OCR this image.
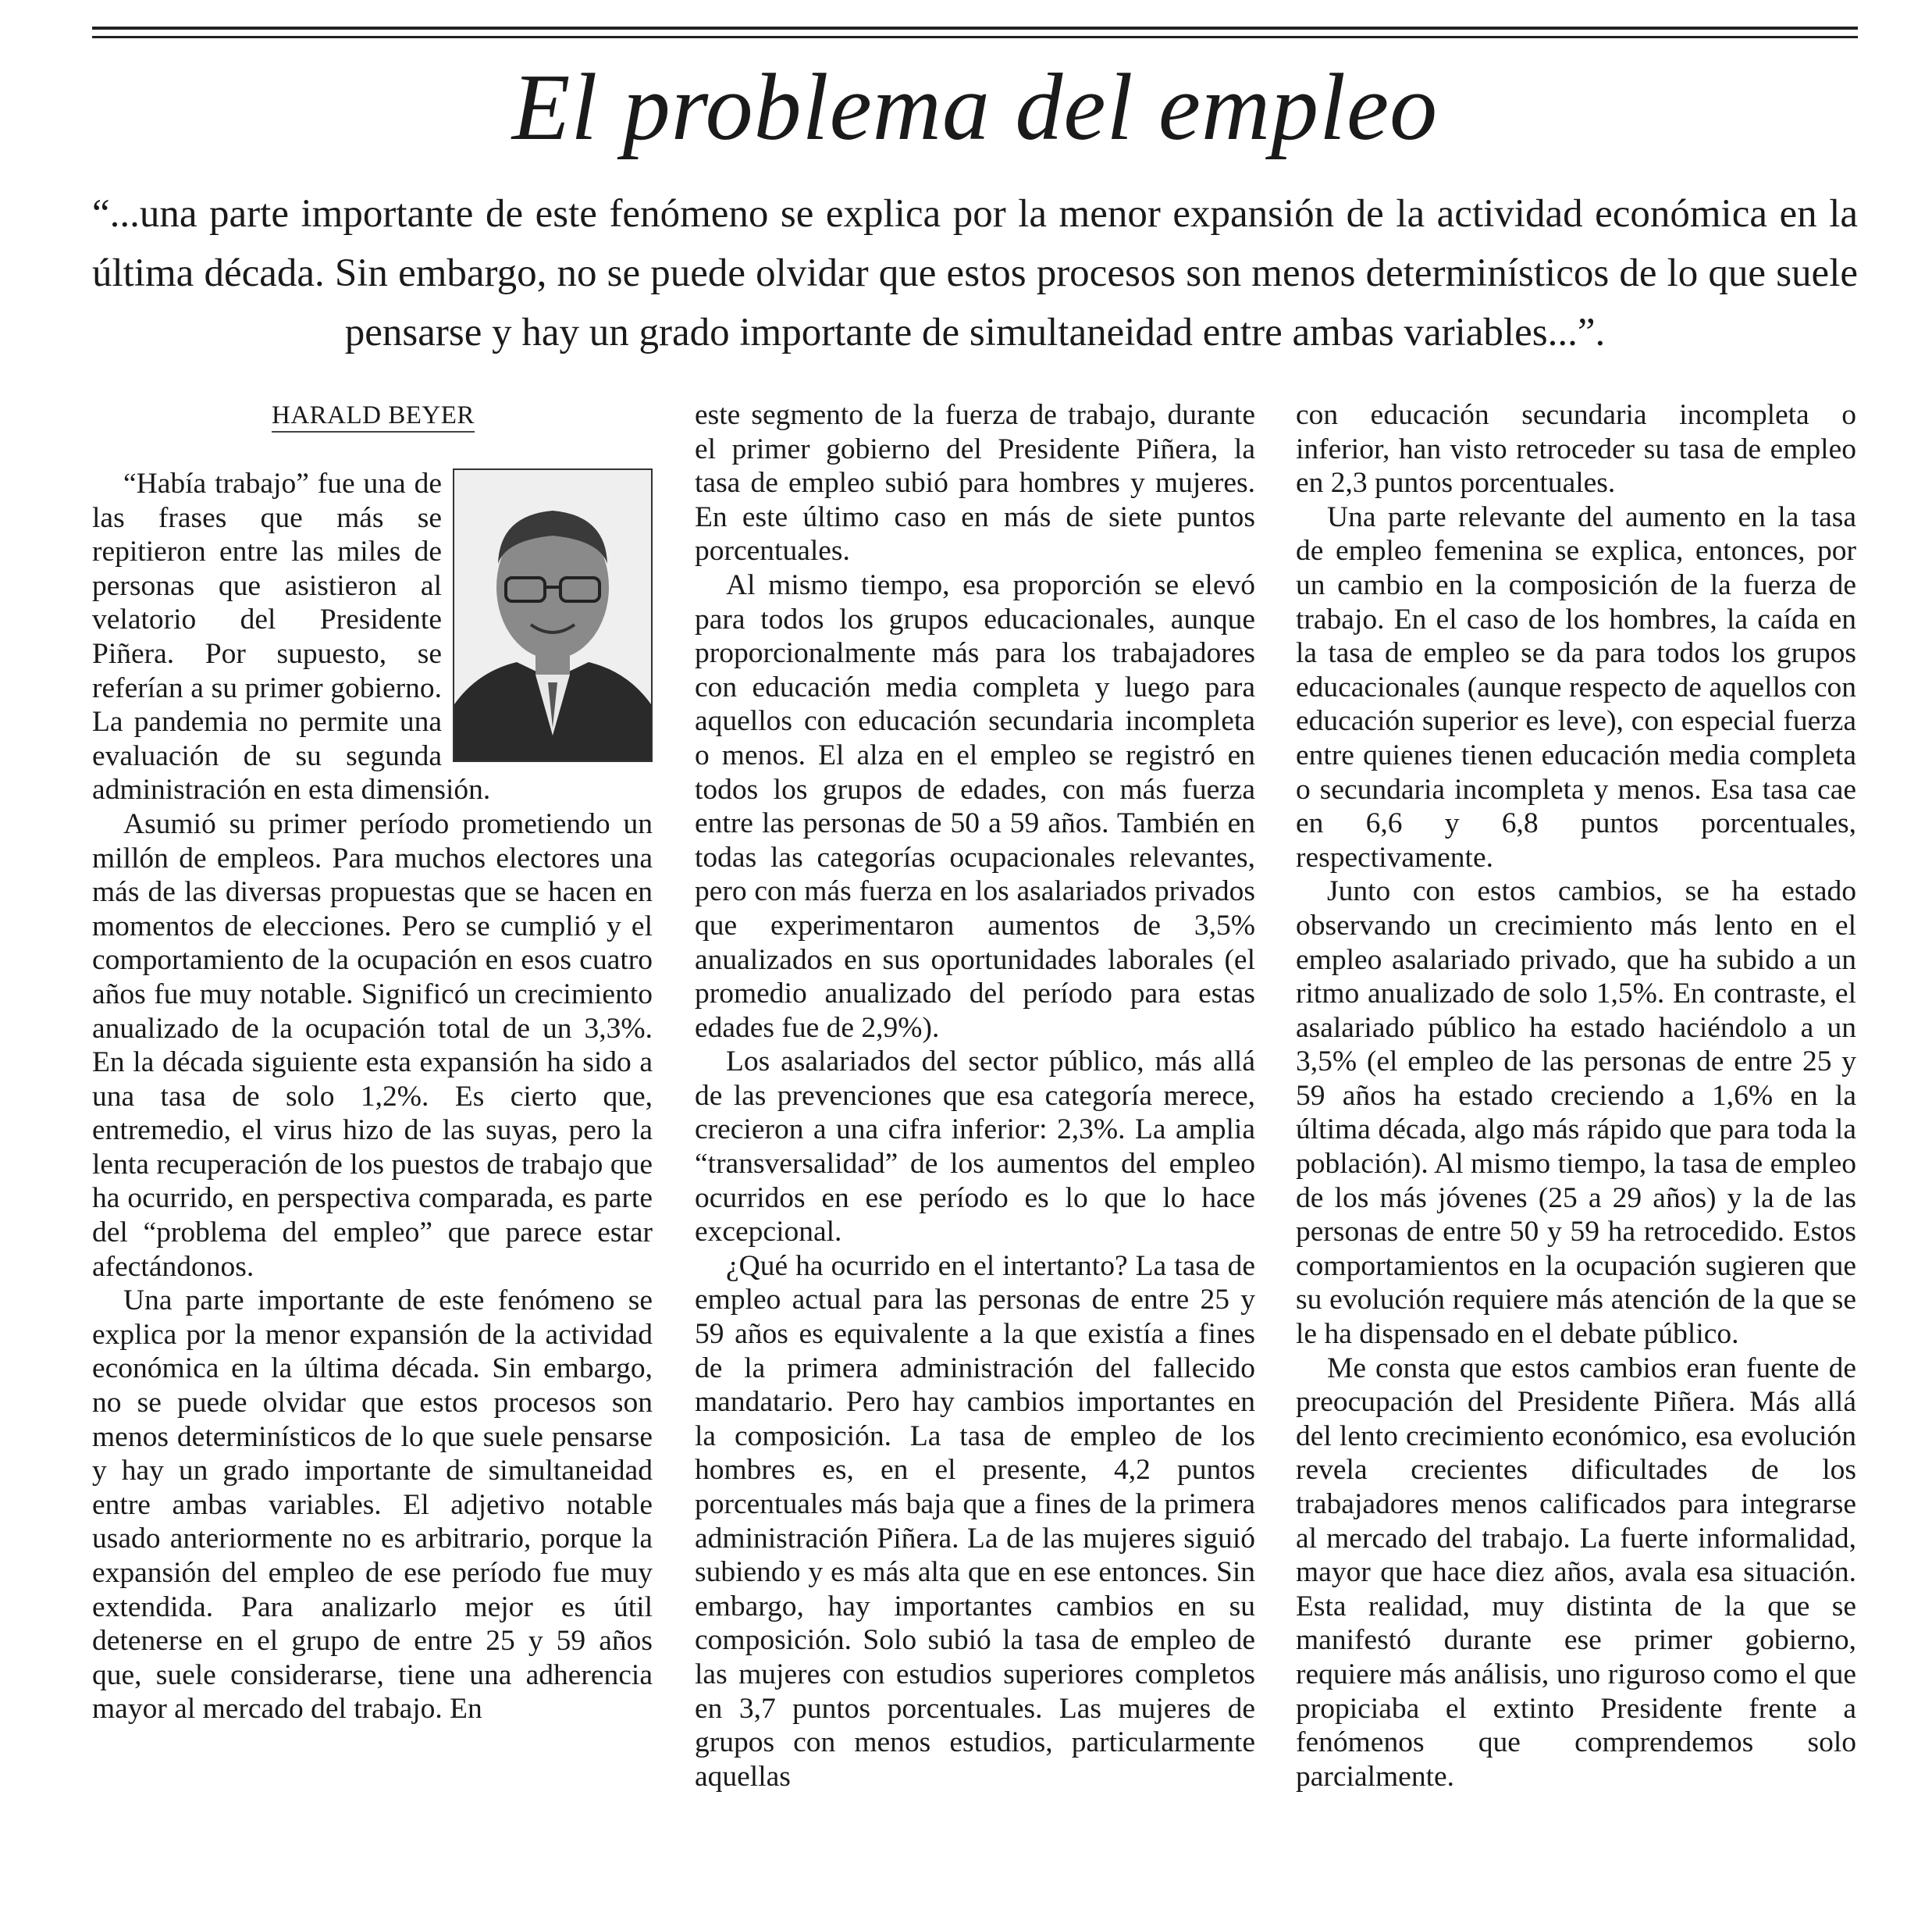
El problema del empleo

“...una parte importante de este fenómeno se explica por la menor expansión de la actividad económica en la última década. Sin embargo, no se puede olvidar que estos procesos son menos determinísticos de lo que suele pensarse y hay un grado importante de simultaneidad entre ambas variables...”.

HARALD BEYER

“Había trabajo” fue una de las frases que más se repitieron entre las miles de personas que asistieron al velatorio del Presidente Piñera. Por supuesto, se referían a su primer gobierno. La pandemia no permite una evaluación de su segunda administración en esta dimensión.

Asumió su primer período prometiendo un millón de empleos. Para muchos electores una más de las diversas propuestas que se hacen en momentos de elecciones. Pero se cumplió y el comportamiento de la ocupación en esos cuatro años fue muy notable. Significó un crecimiento anualizado de la ocupación total de un 3,3%. En la década siguiente esta expansión ha sido a una tasa de solo 1,2%. Es cierto que, entremedio, el virus hizo de las suyas, pero la lenta recuperación de los puestos de trabajo que ha ocurrido, en perspectiva comparada, es parte del “problema del empleo” que parece estar afectándonos.

Una parte importante de este fenómeno se explica por la menor expansión de la actividad económica en la última década. Sin embargo, no se puede olvidar que estos procesos son menos determinísticos de lo que suele pensarse y hay un grado importante de simultaneidad entre ambas variables. El adjetivo notable usado anteriormente no es arbitrario, porque la expansión del empleo de ese período fue muy extendida. Para analizarlo mejor es útil detenerse en el grupo de entre 25 y 59 años que, suele considerarse, tiene una adherencia mayor al mercado del trabajo. En

este segmento de la fuerza de trabajo, durante el primer gobierno del Presidente Piñera, la tasa de empleo subió para hombres y mujeres. En este último caso en más de siete puntos porcentuales.

Al mismo tiempo, esa proporción se elevó para todos los grupos educacionales, aunque proporcionalmente más para los trabajadores con educación media completa y luego para aquellos con educación secundaria incompleta o menos. El alza en el empleo se registró en todos los grupos de edades, con más fuerza entre las personas de 50 a 59 años. También en todas las categorías ocupacionales relevantes, pero con más fuerza en los asalariados privados que experimentaron aumentos de 3,5% anualizados en sus oportunidades laborales (el promedio anualizado del período para estas edades fue de 2,9%).

Los asalariados del sector público, más allá de las prevenciones que esa categoría merece, crecieron a una cifra inferior: 2,3%. La amplia “transversalidad” de los aumentos del empleo ocurridos en ese período es lo que lo hace excepcional.

¿Qué ha ocurrido en el intertanto? La tasa de empleo actual para las personas de entre 25 y 59 años es equivalente a la que existía a fines de la primera administración del fallecido mandatario. Pero hay cambios importantes en la composición. La tasa de empleo de los hombres es, en el presente, 4,2 puntos porcentuales más baja que a fines de la primera administración Piñera. La de las mujeres siguió subiendo y es más alta que en ese entonces. Sin embargo, hay importantes cambios en su composición. Solo subió la tasa de empleo de las mujeres con estudios superiores completos en 3,7 puntos porcentuales. Las mujeres de grupos con menos estudios, particularmente aquellas

con educación secundaria incompleta o inferior, han visto retroceder su tasa de empleo en 2,3 puntos porcentuales.

Una parte relevante del aumento en la tasa de empleo femenina se explica, entonces, por un cambio en la composición de la fuerza de trabajo. En el caso de los hombres, la caída en la tasa de empleo se da para todos los grupos educacionales (aunque respecto de aquellos con educación superior es leve), con especial fuerza entre quienes tienen educación media completa o secundaria incompleta y menos. Esa tasa cae en 6,6 y 6,8 puntos porcentuales, respectivamente.

Junto con estos cambios, se ha estado observando un crecimiento más lento en el empleo asalariado privado, que ha subido a un ritmo anualizado de solo 1,5%. En contraste, el asalariado público ha estado haciéndolo a un 3,5% (el empleo de las personas de entre 25 y 59 años ha estado creciendo a 1,6% en la última década, algo más rápido que para toda la población). Al mismo tiempo, la tasa de empleo de los más jóvenes (25 a 29 años) y la de las personas de entre 50 y 59 ha retrocedido. Estos comportamientos en la ocupación sugieren que su evolución requiere más atención de la que se le ha dispensado en el debate público.

Me consta que estos cambios eran fuente de preocupación del Presidente Piñera. Más allá del lento crecimiento económico, esa evolución revela crecientes dificultades de los trabajadores menos calificados para integrarse al mercado del trabajo. La fuerte informalidad, mayor que hace diez años, avala esa situación. Esta realidad, muy distinta de la que se manifestó durante ese primer gobierno, requiere más análisis, uno riguroso como el que propiciaba el extinto Presidente frente a fenómenos que comprendemos solo parcialmente.
